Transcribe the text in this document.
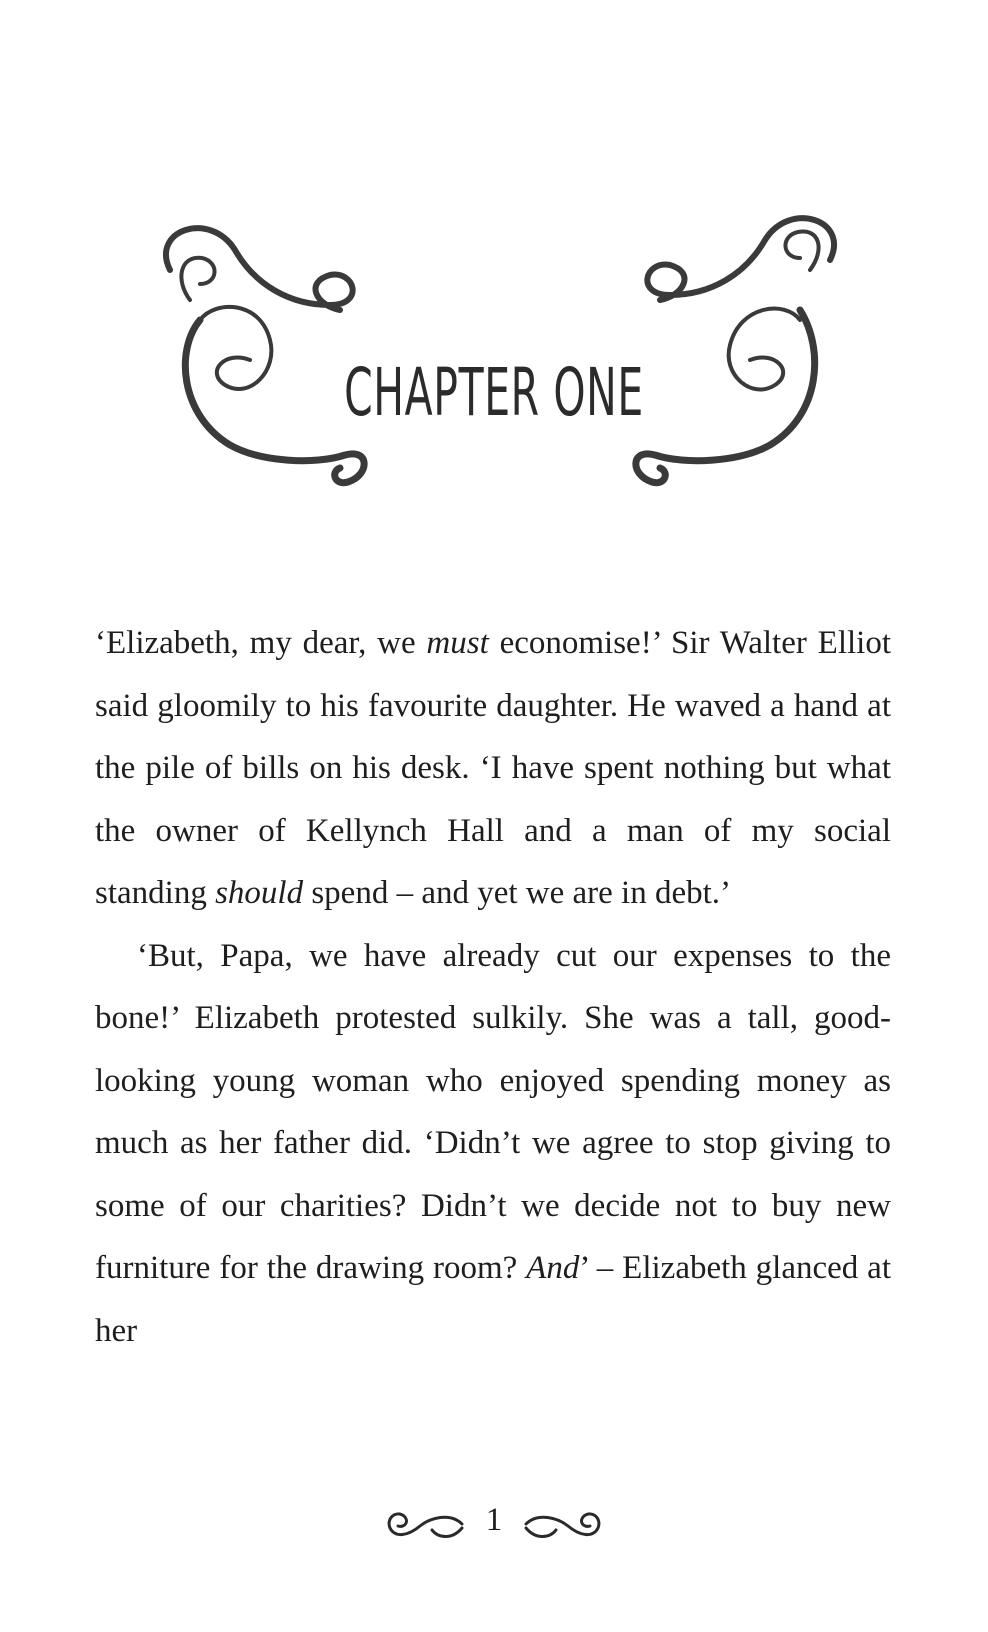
CHAPTER ONE

‘Elizabeth, my dear, we must economise!’ Sir Walter Elliot said gloomily to his favourite daughter. He waved a hand at the pile of bills on his desk. ‘I have spent nothing but what the owner of Kellynch Hall and a man of my social standing should spend – and yet we are in debt.’

‘But, Papa, we have already cut our expenses to the bone!’ Elizabeth protested sulkily. She was a tall, good-looking young woman who enjoyed spending money as much as her father did. ‘Didn’t we agree to stop giving to some of our charities? Didn’t we decide not to buy new furniture for the drawing room? And’ – Elizabeth glanced at her

1
